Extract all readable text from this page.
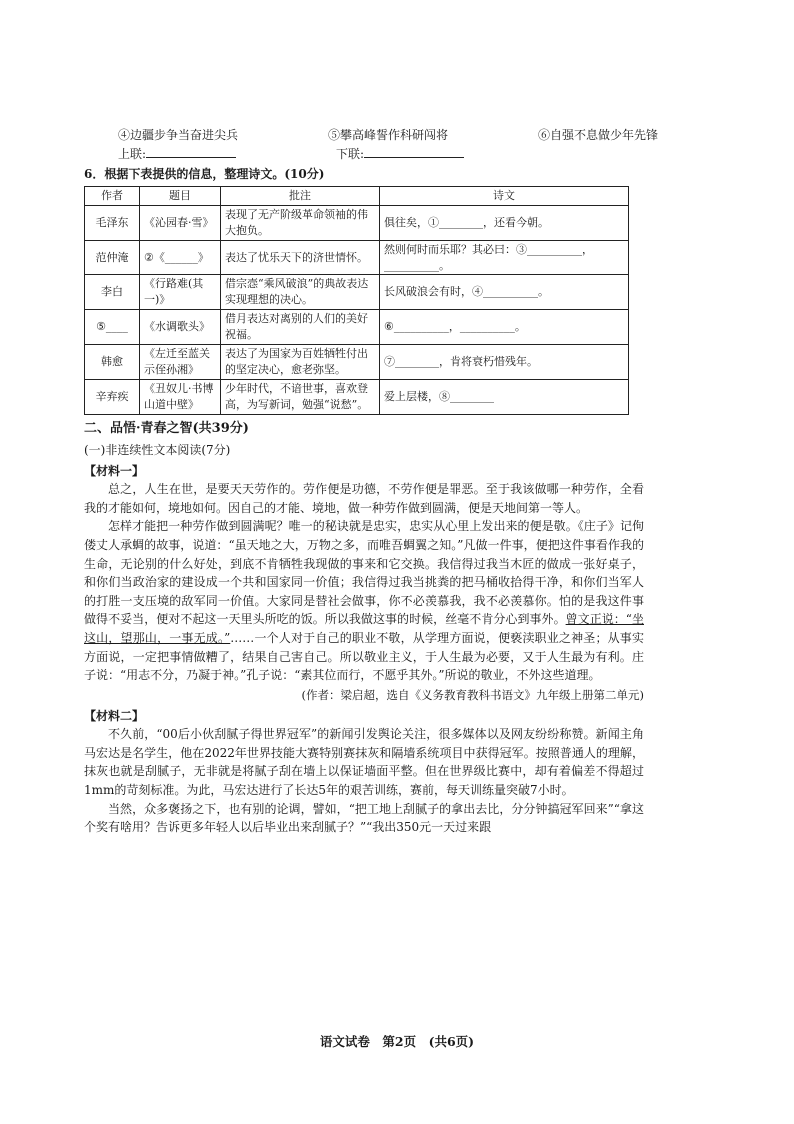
④边疆步争当奋进尖兵	⑤攀高峰誓作科研闯将	⑥自强不息做少年先锋
上联:	下联:
6．根据下表提供的信息，整理诗文。(10分)
作者	题目	批注	诗文
毛泽东	《沁园春·雪》	表现了无产阶级革命领袖的伟大抱负。	俱往矣，①________，还看今朝。
范仲淹	②《______》	表达了忧乐天下的济世情怀。	然则何时而乐耶？其必曰：③__________，__________。
李白	《行路难(其一)》	借宗悫“乘风破浪”的典故表达实现理想的决心。	长风破浪会有时，④__________。
⑤____	《水调歌头》	借月表达对离别的人们的美好祝福。	⑥__________，__________。
韩愈	《左迁至蓝关示侄孙湘》	表达了为国家为百姓牺牲付出的坚定决心，愈老弥坚。	⑦________，肯将衰朽惜残年。
辛弃疾	《丑奴儿·书博山道中壁》	少年时代，不谙世事，喜欢登高，为写新词，勉强“说愁”。	爱上层楼，⑧________
二、品悟·青春之智(共39分)
(一)非连续性文本阅读(7分)
【材料一】

总之，人生在世，是要天天劳作的。劳作便是功德，不劳作便是罪恶。至于我该做哪一种劳作，全看我的才能如何，境地如何。因自己的才能、境地，做一种劳作做到圆满，便是天地间第一等人。

怎样才能把一种劳作做到圆满呢？唯一的秘诀就是忠实，忠实从心里上发出来的便是敬。《庄子》记佝偻丈人承蜩的故事，说道：“虽天地之大，万物之多，而唯吾蜩翼之知。”凡做一件事，便把这件事看作我的生命，无论别的什么好处，到底不肯牺牲我现做的事来和它交换。我信得过我当木匠的做成一张好桌子，和你们当政治家的建设成一个共和国家同一价值；我信得过我当挑粪的把马桶收拾得干净，和你们当军人的打胜一支压境的敌军同一价值。大家同是替社会做事，你不必羡慕我，我不必羡慕你。怕的是我这件事做得不妥当，便对不起这一天里头所吃的饭。所以我做这事的时候，丝毫不肯分心到事外。曾文正说：“坐这山，望那山，一事无成。”……一个人对于自己的职业不敬，从学理方面说，便亵渎职业之神圣；从事实方面说，一定把事情做糟了，结果自己害自己。所以敬业主义，于人生最为必要，又于人生最为有利。庄子说：“用志不分，乃凝于神。”孔子说：“素其位而行，不愿乎其外。”所说的敬业，不外这些道理。

(作者：梁启超，选自《义务教育教科书语文》九年级上册第二单元)
【材料二】

不久前，“00后小伙刮腻子得世界冠军”的新闻引发舆论关注，很多媒体以及网友纷纷称赞。新闻主角马宏达是名学生，他在2022年世界技能大赛特别赛抹灰和隔墙系统项目中获得冠军。按照普通人的理解，抹灰也就是刮腻子，无非就是将腻子刮在墙上以保证墙面平整。但在世界级比赛中，却有着偏差不得超过1mm的苛刻标准。为此，马宏达进行了长达5年的艰苦训练，赛前，每天训练量突破7小时。

当然，众多褒扬之下，也有别的论调，譬如，“把工地上刮腻子的拿出去比，分分钟搞冠军回来”“拿这个奖有啥用？告诉更多年轻人以后毕业出来刮腻子？”“我出350元一天过来跟

语文试卷　第2页　(共6页)
